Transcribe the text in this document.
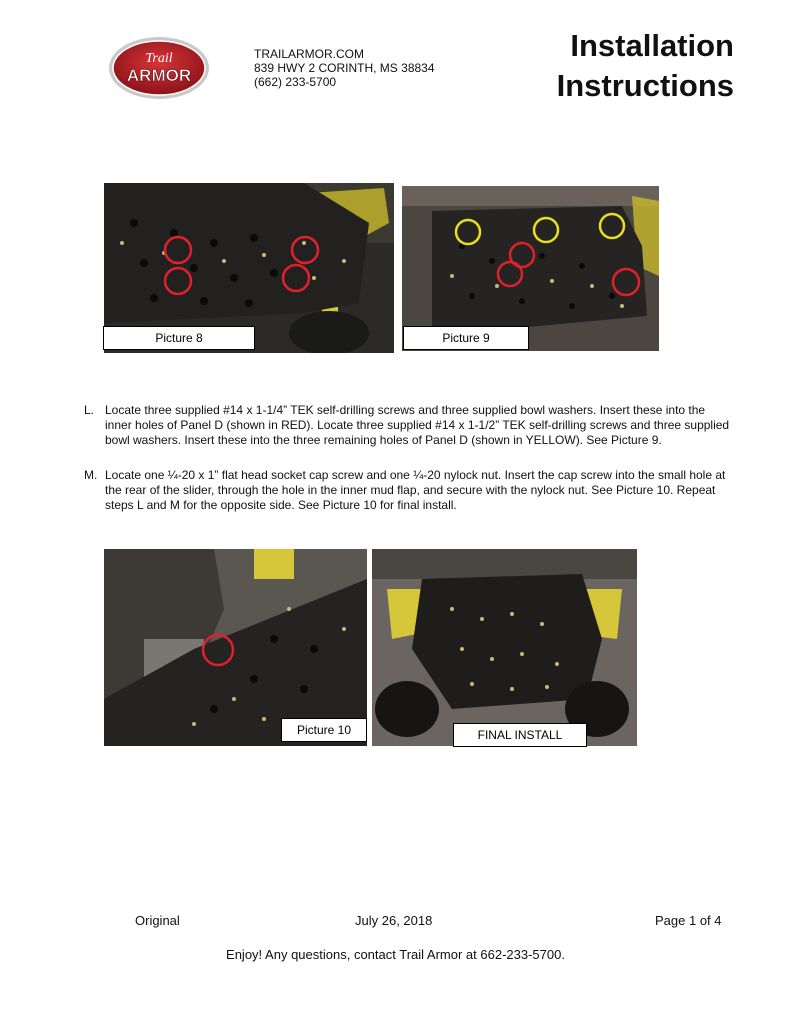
Trail
ARMOR
TRAILARMOR.COM
839 HWY 2 CORINTH, MS 38834
(662) 233-5700
Installation
Instructions
Picture 8	Picture 9
L. Locate three supplied #14 x 1-1/4” TEK self-drilling screws and three supplied bowl washers. Insert these into the inner holes of Panel D (shown in RED). Locate three supplied #14 x 1-1/2” TEK self-drilling screws and three supplied bowl washers. Insert these into the three remaining holes of Panel D (shown in YELLOW). See Picture 9.
M. Locate one ¼-20 x 1” flat head socket cap screw and one ¼-20 nylock nut. Insert the cap screw into the small hole at the rear of the slider, through the hole in the inner mud flap, and secure with the nylock nut. See Picture 10. Repeat steps L and M for the opposite side. See Picture 10 for final install.
Picture 10	FINAL INSTALL
Original	July 26, 2018	Page 1 of 4
Enjoy! Any questions, contact Trail Armor at 662-233-5700.
